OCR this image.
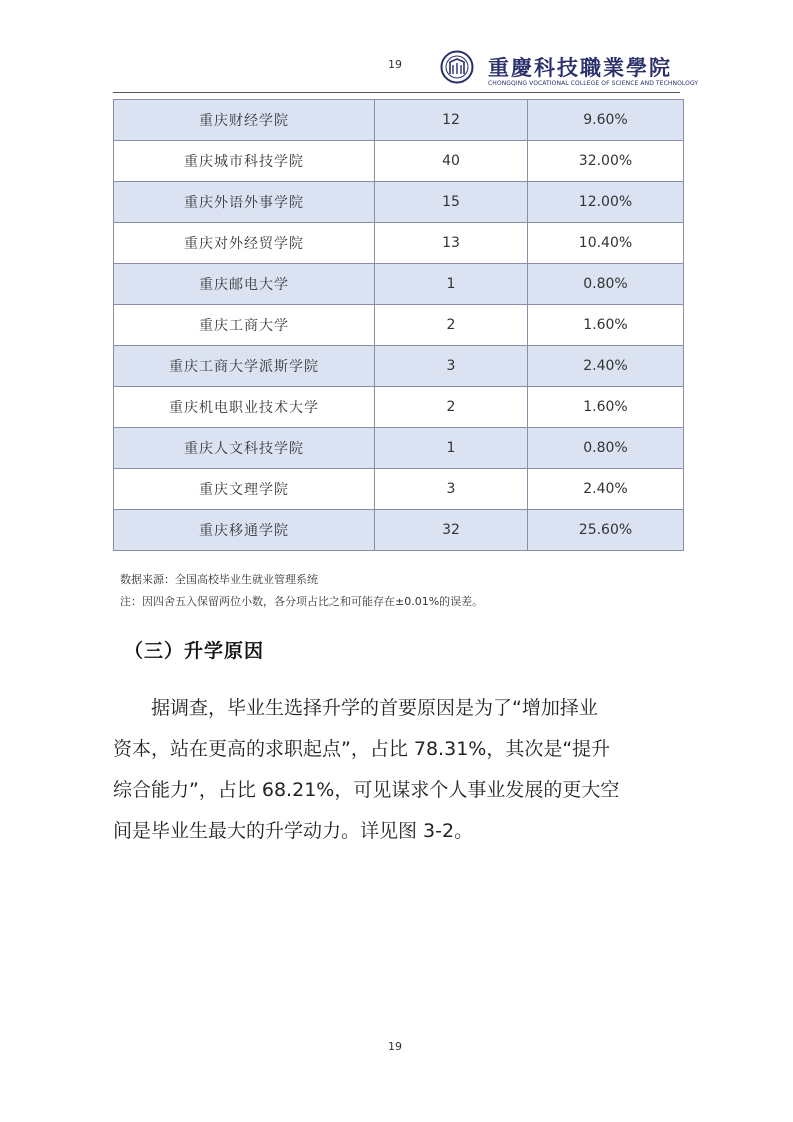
19	重慶科技職業學院
CHONGQING VOCATIONAL COLLEGE OF SCIENCE AND TECHNOLOGY
重庆财经学院	12	9.60%
重庆城市科技学院	40	32.00%
重庆外语外事学院	15	12.00%
重庆对外经贸学院	13	10.40%
重庆邮电大学	1	0.80%
重庆工商大学	2	1.60%
重庆工商大学派斯学院	3	2.40%
重庆机电职业技术大学	2	1.60%
重庆人文科技学院	1	0.80%
重庆文理学院	3	2.40%
重庆移通学院	32	25.60%
数据来源：全国高校毕业生就业管理系统
注：因四舍五入保留两位小数，各分项占比之和可能存在±0.01%的误差。
（三）升学原因
　　据调查，毕业生选择升学的首要原因是为了“增加择业
资本，站在更高的求职起点”，占比 78.31%，其次是“提升
综合能力”，占比 68.21%，可见谋求个人事业发展的更大空
间是毕业生最大的升学动力。详见图 3-2。
19
